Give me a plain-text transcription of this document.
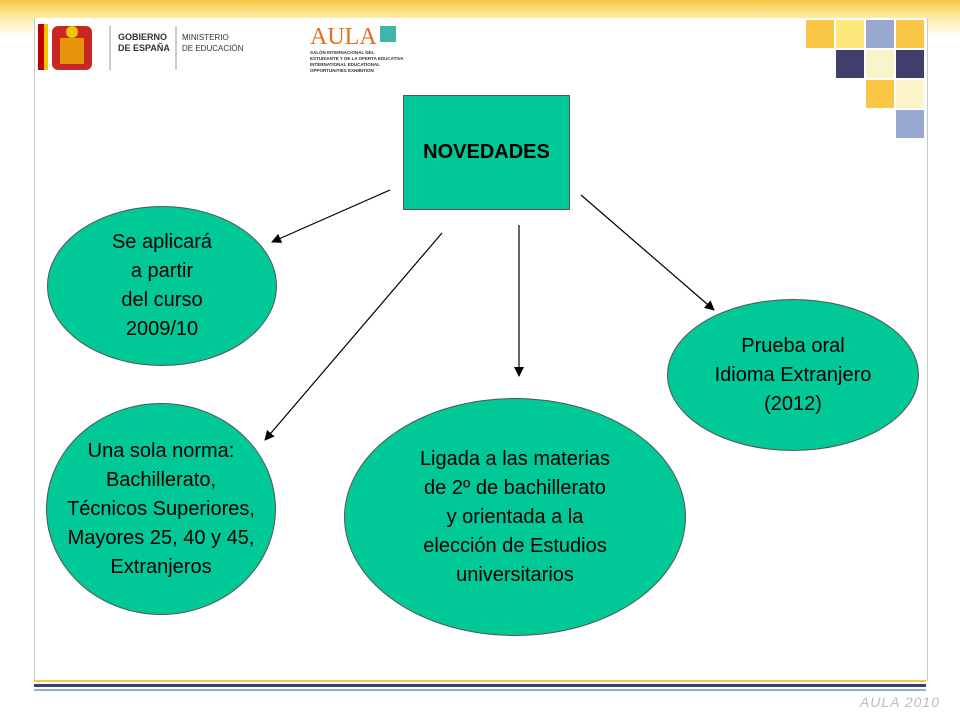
GOBIERNO
DE ESPAÑA
MINISTERIO
DE EDUCACIÓN	AULA
SALÓN INTERNACIONAL DEL
ESTUDIANTE Y DE LA OFERTA EDUCATIVA
INTERNATIONAL EDUCATIONAL
OPPORTUNITIES EXHIBITION
NOVEDADES
Se aplicará
a partir
del curso
2009/10
Una sola norma:
Bachillerato,
Técnicos Superiores,
Mayores 25, 40 y 45,
Extranjeros
Ligada a las materias
de 2º de bachillerato
y orientada a la
elección de Estudios
universitarios
Prueba oral
Idioma Extranjero
(2012)
AULA 2010
